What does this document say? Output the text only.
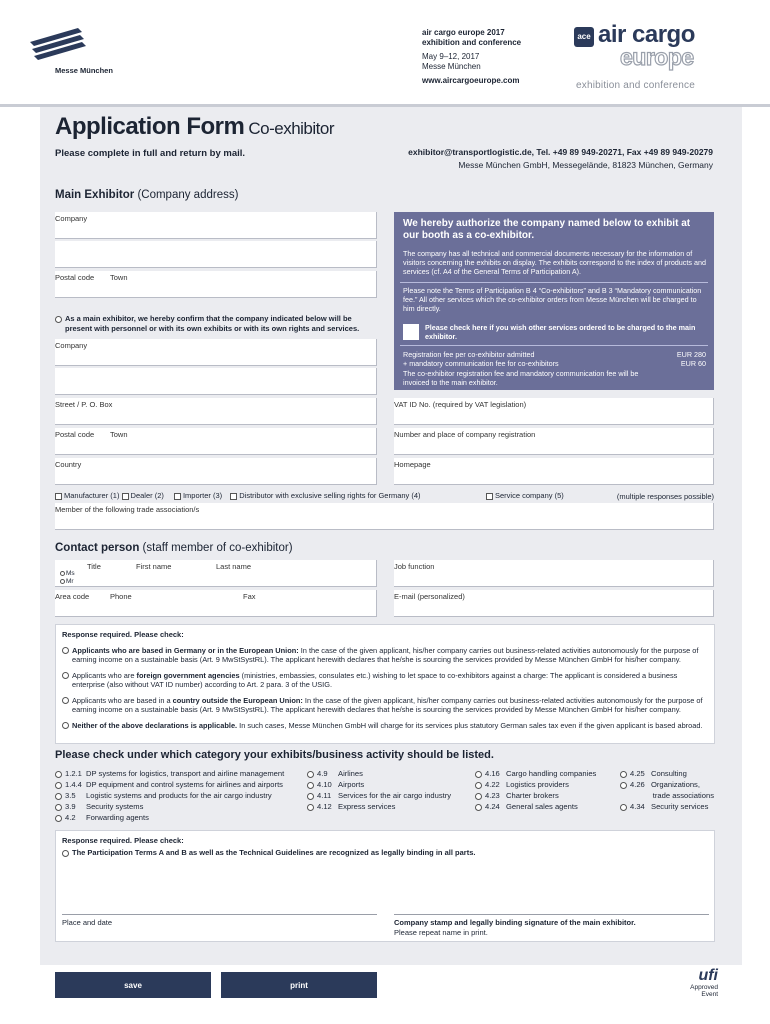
Messe München
air cargo europe 2017
exhibition and conference
May 9–12, 2017
Messe München
www.aircargoeurope.com
ace air cargo
europe
exhibition and conference
Application Form Co-exhibitor
Please complete in full and return by mail.	exhibitor@transportlogistic.de, Tel. +49 89 949-20271, Fax +49 89 949-20279
Messe München GmbH, Messegelände, 81823 München, Germany
Main Exhibitor (Company address)
Company
Postal code Town
As a main exhibitor, we hereby confirm that the company indicated below will be
present with personnel or with its own exhibits or with its own rights and services.
Company
We hereby authorize the company named below to exhibit at our booth as a co-exhibitor.
The company has all technical and commercial documents necessary for the information of visitors concerning the exhibits on display. The exhibits correspond to the index of products and services (cf. A4 of the General Terms of Participation A).
Please note the Terms of Participation B 4 “Co-exhibitors” and B 3 “Mandatory communication fee.” All other services which the co-exhibitor orders from Messe München will be charged to him directly.
Please check here if you wish other services ordered to be charged to the main exhibitor.
Registration fee per co-exhibitor admitted	EUR 280
+ mandatory communication fee for co-exhibitors	EUR 60
The co-exhibitor registration fee and mandatory communication fee will be invoiced to the main exhibitor.
Street / P. O. Box	VAT ID No. (required by VAT legislation)
Postal code Town	Number and place of company registration
Country	Homepage
Manufacturer (1) Dealer (2)	Importer (3) Distributor with exclusive selling rights for Germany (4)	Service company (5)	(multiple responses possible)
Member of the following trade association/s
Contact person (staff member of co-exhibitor)
Title	First name	Last name
Ms
Mr
Job function
Area code	Phone	Fax	E-mail (personalized)
Response required. Please check:

Applicants who are based in Germany or in the European Union: In the case of the given applicant, his/her company carries out business-related activities autonomously for the purpose of earning income on a sustainable basis (Art. 9 MwStSystRL). The applicant herewith declares that he/she is sourcing the services provided by Messe München GmbH for his/her company.

Applicants who are foreign government agencies (ministries, embassies, consulates etc.) wishing to let space to co-exhibitors against a charge: The applicant is considered a business enterprise (also without VAT ID number) according to Art. 2 para. 3 of the USIG.

Applicants who are based in a country outside the European Union: In the case of the given applicant, his/her company carries out business-related activities autonomously for the purpose of earning income on a sustainable basis (Art. 9 MwStSystRL). The applicant herewith declares that he/she is sourcing the services provided by Messe München GmbH for his/her company.

Neither of the above declarations is applicable. In such cases, Messe München GmbH will charge for its services plus statutory German sales tax even if the given applicant is based abroad.

Please check under which category your exhibits/business activity should be listed.
1.2.1 DP systems for logistics, transport and airline management
1.4.4 DP equipment and control systems for airlines and airports
3.5 Logistic systems and products for the air cargo industry
3.9 Security systems
4.2 Forwarding agents
4.9 Airlines
4.10 Airports
4.11 Services for the air cargo industry
4.12 Express services
4.16 Cargo handling companies
4.22 Logistics providers
4.23 Charter brokers
4.24 General sales agents
4.25 Consulting
4.26 Organizations,
trade associations
4.34 Security services
Response required. Please check:
The Participation Terms A and B as well as the Technical Guidelines are recognized as legally binding in all parts.
Place and date	Company stamp and legally binding signature of the main exhibitor.
Please repeat name in print.
save	print
ufi
Approved
Event
